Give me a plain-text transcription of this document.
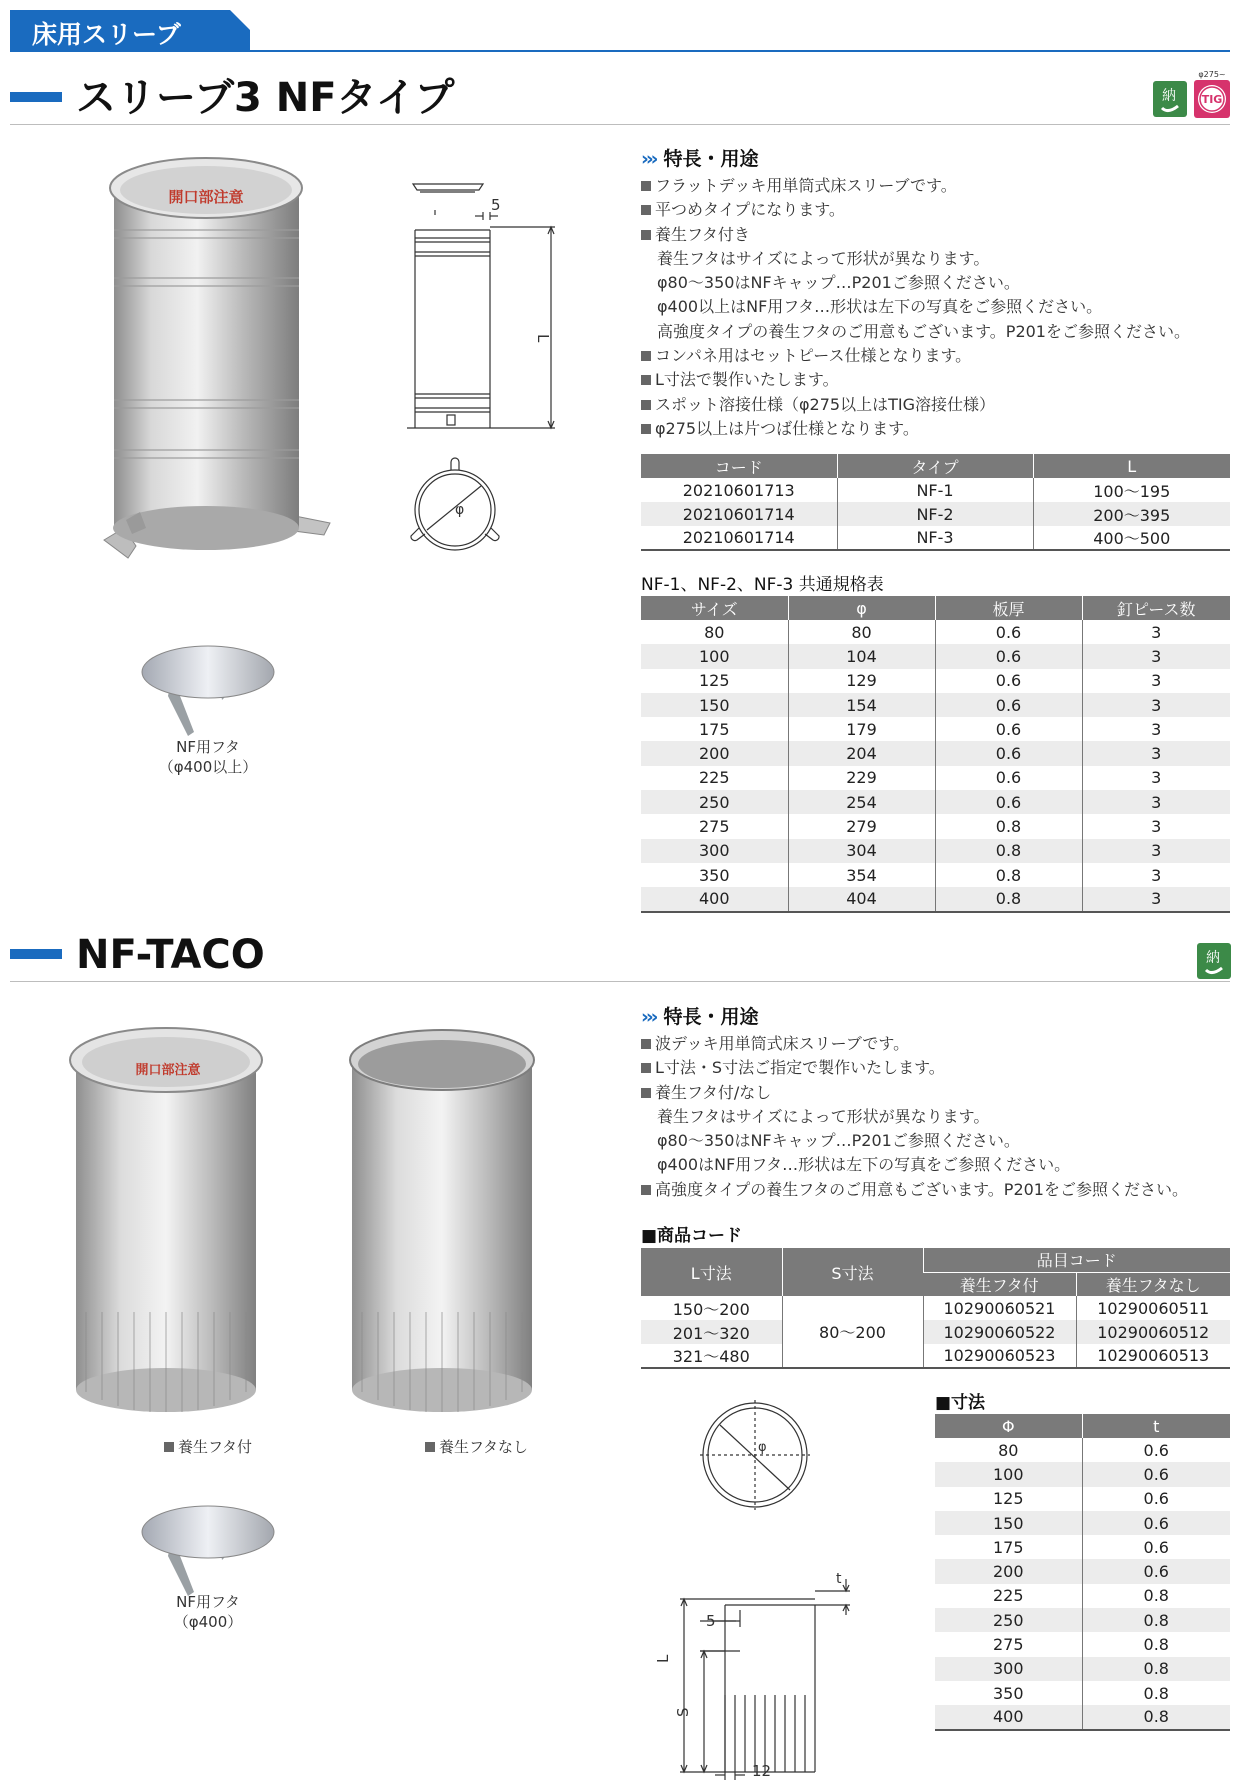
床用スリーブ
スリーブ3 NFタイプ	納
φ275~
TIG
開口部注意	5
L
φ
NF用フタ
（φ400以上）
››› 特長・用途
フラットデッキ用単筒式床スリーブです。
平つめタイプになります。
養生フタ付き
養生フタはサイズによって形状が異なります。
φ80～350はNFキャップ…P201ご参照ください。
φ400以上はNF用フタ…形状は左下の写真をご参照ください。
高強度タイプの養生フタのご用意もございます。P201をご参照ください。
コンパネ用はセットピース仕様となります。
L寸法で製作いたします。
スポット溶接仕様（φ275以上はTIG溶接仕様）
φ275以上は片つば仕様となります。
コード	タイプ	L
20210601713	NF-1	100～195
20210601714	NF-2	200～395
20210601714	NF-3	400～500
NF-1、NF-2、NF-3 共通規格表
サイズ	φ	板厚	釘ピース数
80	80	0.6	3
100	104	0.6	3
125	129	0.6	3
150	154	0.6	3
175	179	0.6	3
200	204	0.6	3
225	229	0.6	3
250	254	0.6	3
275	279	0.8	3
300	304	0.8	3
350	354	0.8	3
400	404	0.8	3
NF-TACO	納
開口部注意
養生フタ付	養生フタなし
NF用フタ
（φ400）
››› 特長・用途
波デッキ用単筒式床スリーブです。
L寸法・S寸法ご指定で製作いたします。
養生フタ付/なし
養生フタはサイズによって形状が異なります。
φ80～350はNFキャップ…P201ご参照ください。
φ400はNF用フタ…形状は左下の写真をご参照ください。
高強度タイプの養生フタのご用意もございます。P201をご参照ください。
■商品コード
L寸法	S寸法	品目コード	
		養生フタ付	養生フタなし
150～200	80～200	10290060521	10290060511
201～320		10290060522	10290060512
321～480		10290060523	10290060513
■寸法
Φ	t
80	0.6
100	0.6
125	0.6
150	0.6
175	0.6
200	0.6
225	0.8
250	0.8
275	0.8
300	0.8
350	0.8
400	0.8
φ
t
5
L
S
12
